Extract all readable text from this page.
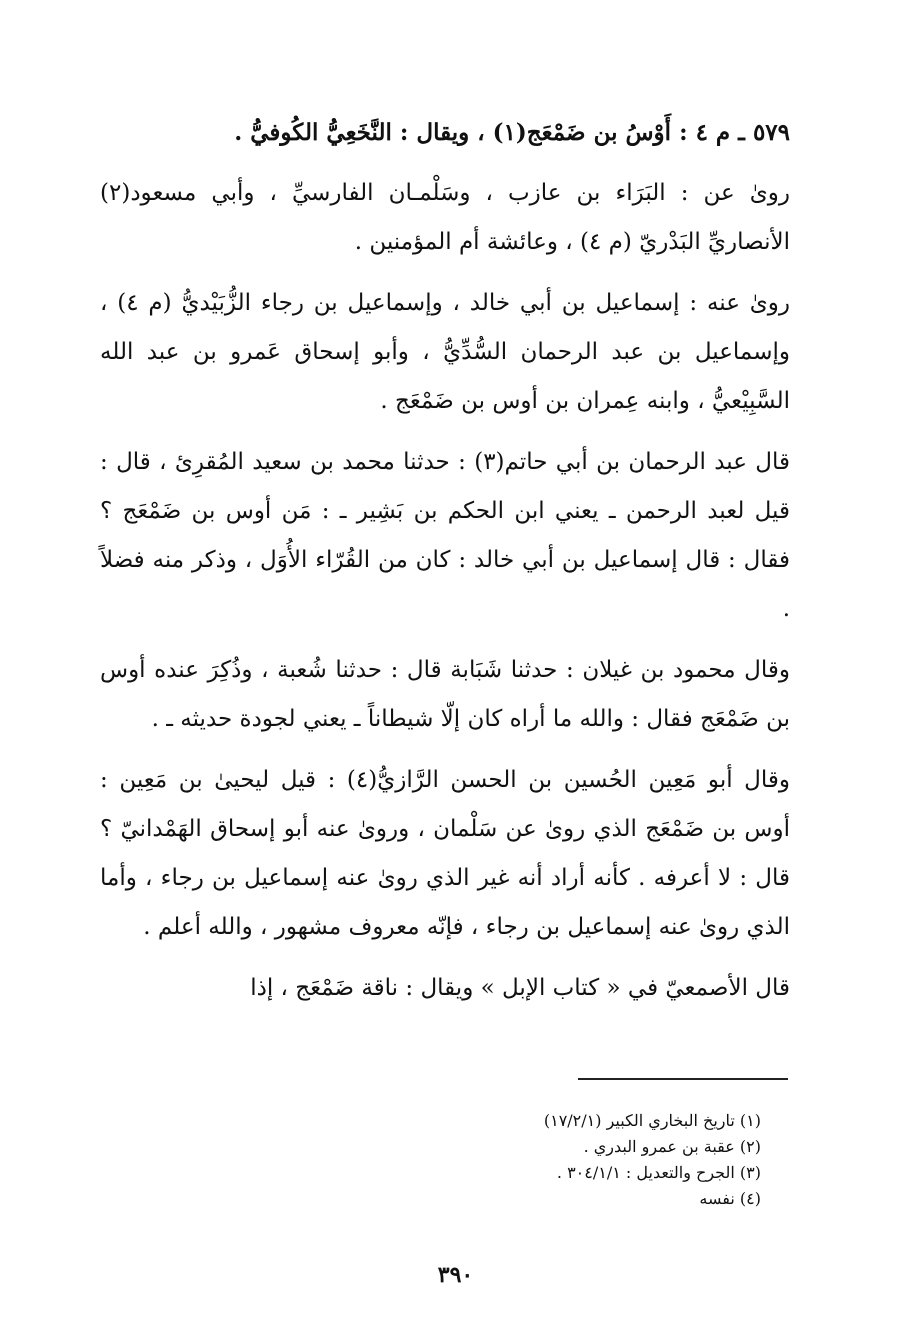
٥٧٩ ـ م ٤ : أَوْسُ بن ضَمْعَج(١) ، ويقال : النَّخَعِيُّ الكُوفيُّ .

روىٰ عن : البَرَاء بن عازب ، وسَلْمـان الفارسيِّ ، وأبي مسعود(٢) الأنصاريِّ البَدْريّ (م ٤) ، وعائشة أم المؤمنين .

روىٰ عنه : إسماعيل بن أبي خالد ، وإسماعيل بن رجاء الزُّبَيْديُّ (م ٤) ، وإسماعيل بن عبد الرحمان السُّدِّيُّ ، وأبو إسحاق عَمرو بن عبد الله السَّبِيْعيُّ ، وابنه عِمران بن أوس بن ضَمْعَج .

قال عبد الرحمان بن أبي حاتم(٣) : حدثنا محمد بن سعيد المُقرِئ ، قال : قيل لعبد الرحمن ـ يعني ابن الحكم بن بَشِير ـ : مَن أوس بن ضَمْعَج ؟ فقال : قال إسماعيل بن أبي خالد : كان من القُرّاء الأُوَل ، وذكر منه فضلاً .

وقال محمود بن غيلان : حدثنا شَبَابة قال : حدثنا شُعبة ، وذُكِرَ عنده أوس بن ضَمْعَج فقال : والله ما أراه كان إلّا شيطاناً ـ يعني لجودة حديثه ـ .

وقال أبو مَعِين الحُسين بن الحسن الرَّازيُّ(٤) : قيل ليحيىٰ بن مَعِين : أوس بن ضَمْعَج الذي روىٰ عن سَلْمان ، وروىٰ عنه أبو إسحاق الهَمْدانيّ ؟ قال : لا أعرفه . كأنه أراد أنه غير الذي روىٰ عنه إسماعيل بن رجاء ، وأما الذي روىٰ عنه إسماعيل بن رجاء ، فإنّه معروف مشهور ، والله أعلم .

قال الأصمعيّ في « كتاب الإبل » ويقال : ناقة ضَمْعَج ، إذا

(١) تاريخ البخاري الكبير (١٧/٢/١)
(٢) عقبة بن عمرو البدري .
(٣) الجرح والتعديل : ٣٠٤/١/١ .
(٤) نفسه
٣٩٠
